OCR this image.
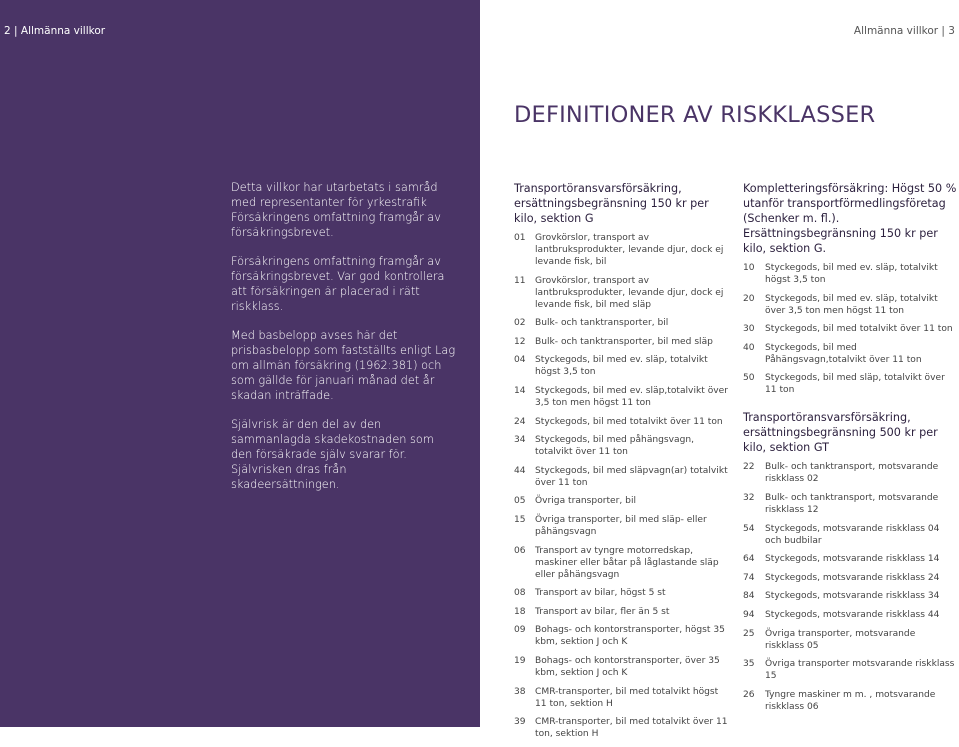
2 | Allmänna villkor

Detta villkor har utarbetats i samråd med representanter för yrkestrafik Försäkringens omfattning framgår av försäkringsbrevet.

Försäkringens omfattning framgår av försäkringsbrevet. Var god kontrollera att försäkringen är placerad i rätt riskklass.

Med basbelopp avses här det prisbasbelopp som fastställts enligt Lag om allmän försäkring (1962:381) och som gällde för januari månad det år skadan inträffade.

Självrisk är den del av den sammanlagda skadekostnaden som den försäkrade själv svarar för. Självrisken dras från skadeersättningen.

Allmänna villkor | 3
DEFINITIONER AV RISKKLASSER
Transportöransvarsförsäkring, ersättningsbegränsning 150 kr per kilo, sektion G
01	Grovkörslor, transport av lantbruksprodukter, levande djur, dock ej levande fisk, bil
11	Grovkörslor, transport av lantbruksprodukter, levande djur, dock ej levande fisk, bil med släp
02	Bulk- och tanktransporter, bil
12	Bulk- och tanktransporter, bil med släp
04	Styckegods, bil med ev. släp, totalvikt högst 3,5 ton
14	Styckegods, bil med ev. släp,totalvikt över 3,5 ton men högst 11 ton
24	Styckegods, bil med totalvikt över 11 ton
34	Styckegods, bil med påhängsvagn, totalvikt över 11 ton
44	Styckegods, bil med släpvagn(ar) totalvikt över 11 ton
05	Övriga transporter, bil
15	Övriga transporter, bil med släp- eller påhängsvagn
06	Transport av tyngre motorredskap, maskiner eller båtar på låglastande släp eller påhängsvagn
08	Transport av bilar, högst 5 st
18	Transport av bilar, fler än 5 st
09	Bohags- och kontorstransporter, högst 35 kbm, sektion J och K
19	Bohags- och kontorstransporter, över 35 kbm, sektion J och K
38	CMR-transporter, bil med totalvikt högst 11 ton, sektion H
39	CMR-transporter, bil med totalvikt över 11 ton, sektion H
Kompletteringsförsäkring: Högst 50 % utanför transportförmedlingsföretag (Schenker m. fl.). Ersättningsbegränsning 150 kr per kilo, sektion G.
10	Styckegods, bil med ev. släp, totalvikt högst 3,5 ton
20	Styckegods, bil med ev. släp, totalvikt över 3,5 ton men högst 11 ton
30	Styckegods, bil med totalvikt över 11 ton
40	Styckegods, bil med Påhängsvagn,totalvikt över 11 ton
50	Styckegods, bil med släp, totalvikt över 11 ton
Transportöransvarsförsäkring, ersättningsbegränsning 500 kr per kilo, sektion GT
22	Bulk- och tanktransport, motsvarande riskklass 02
32	Bulk- och tanktransport, motsvarande riskklass 12
54	Styckegods, motsvarande riskklass 04 och budbilar
64	Styckegods, motsvarande riskklass 14
74	Styckegods, motsvarande riskklass 24
84	Styckegods, motsvarande riskklass 34
94	Styckegods, motsvarande riskklass 44
25	Övriga transporter, motsvarande riskklass 05
35	Övriga transporter motsvarande riskklass 15
26	Tyngre maskiner m m. , motsvarande riskklass 06
